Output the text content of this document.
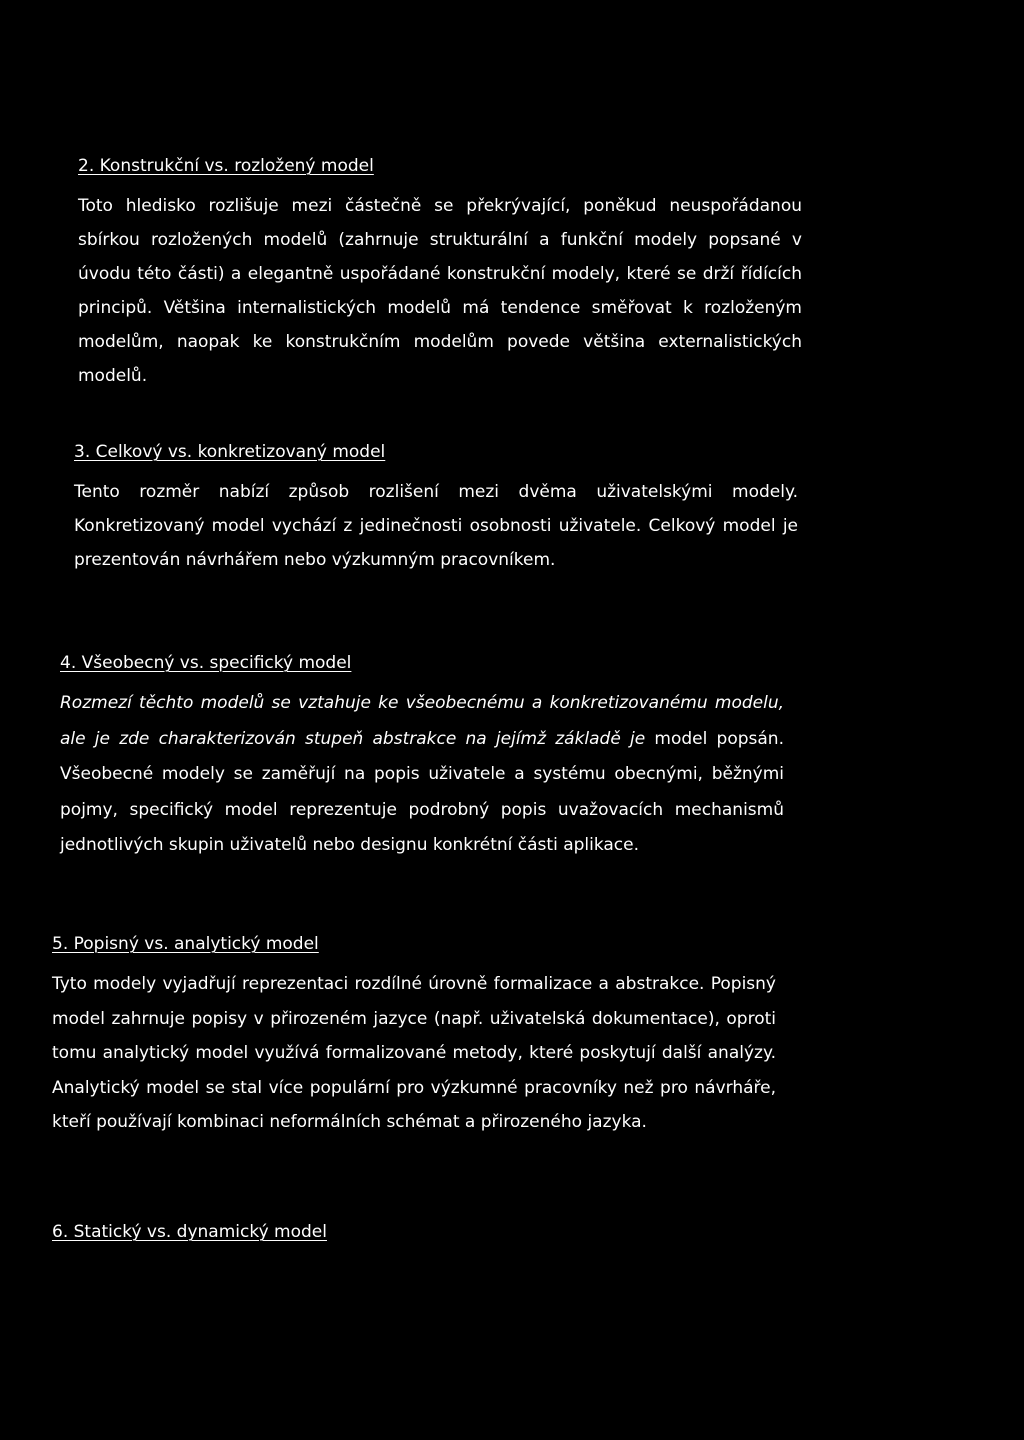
2. Konstrukční vs. rozložený model

Toto hledisko rozlišuje mezi částečně se překrývající, poněkud neuspořádanou sbírkou rozložených modelů (zahrnuje strukturální a funkční modely popsané v úvodu této části) a elegantně uspořádané konstrukční modely, které se drží řídících principů. Většina internalistických modelů má tendence směřovat k rozloženým modelům, naopak ke konstrukčním modelům povede většina externalistických modelů.

3. Celkový vs. konkretizovaný model

Tento rozměr nabízí způsob rozlišení mezi dvěma uživatelskými modely. Konkretizovaný model vychází z jedinečnosti osobnosti uživatele. Celkový model je prezentován návrhářem nebo výzkumným pracovníkem.

4. Všeobecný vs. specifický model

Rozmezí těchto modelů se vztahuje ke všeobecnému a konkretizovanému modelu, ale je zde charakterizován stupeň abstrakce na jejímž základě je model popsán. Všeobecné modely se zaměřují na popis uživatele a systému obecnými, běžnými pojmy, specifický model reprezentuje podrobný popis uvažovacích mechanismů jednotlivých skupin uživatelů nebo designu konkrétní části aplikace.

5. Popisný vs. analytický model

Tyto modely vyjadřují reprezentaci rozdílné úrovně formalizace a abstrakce. Popisný model zahrnuje popisy v přirozeném jazyce (např. uživatelská dokumentace), oproti tomu analytický model využívá formalizované metody, které poskytují další analýzy. Analytický model se stal více populární pro výzkumné pracovníky než pro návrháře, kteří používají kombinaci neformálních schémat a přirozeného jazyka.

6. Statický vs. dynamický model
